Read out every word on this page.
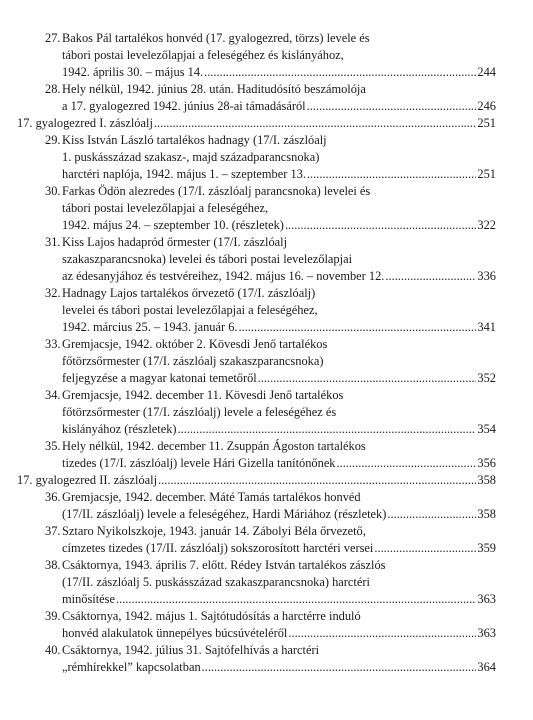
27. Bakos Pál tartalékos honvéd (17. gyalogezred, törzs) levele és
tábori postai levelezőlapjai a feleségéhez és kislányához,
1942. április 30. – május 14. .....	244
28. Hely nélkül, 1942. június 28. után. Haditudósító beszámolója
a 17. gyalogezred 1942. június 28-ai támadásáról .....	246
17. gyalogezred I. zászlóalj .....	251
29. Kiss István László tartalékos hadnagy (17/I. zászlóalj
1. puskásszázad szakasz-, majd századparancsnoka)
harctéri naplója, 1942. május 1. – szeptember 13. .....	251
30. Farkas Ödön alezredes (17/I. zászlóalj parancsnoka) levelei és
tábori postai levelezőlapjai a feleségéhez,
1942. május 24. – szeptember 10. (részletek) .....	322
31. Kiss Lajos hadapród őrmester (17/I. zászlóalj
szakaszparancsnoka) levelei és tábori postai levelezőlapjai
az édesanyjához és testvéreihez, 1942. május 16. – november 12. .....	336
32. Hadnagy Lajos tartalékos őrvezető (17/I. zászlóalj)
levelei és tábori postai levelezőlapjai a feleségéhez,
1942. március 25. – 1943. január 6. .....	341
33. Gremjacsje, 1942. október 2. Kövesdi Jenő tartalékos
főtörzsőrmester (17/I. zászlóalj szakaszparancsnoka)
feljegyzése a magyar katonai temetőről .....	352
34. Gremjacsje, 1942. december 11. Kövesdi Jenő tartalékos
főtörzsőrmester (17/I. zászlóalj) levele a feleségéhez és
kislányához (részletek) .....	354
35. Hely nélkül, 1942. december 11. Zsuppán Ágoston tartalékos
tizedes (17/I. zászlóalj) levele Hári Gizella tanítónőnek .....	356
17. gyalogezred II. zászlóalj .....	358
36. Gremjacsje, 1942. december. Máté Tamás tartalékos honvéd
(17/II. zászlóalj) levele a feleségéhez, Hardi Máriához (részletek) .....	358
37. Sztaro Nyikolszkoje, 1943. január 14. Zábolyi Béla őrvezető,
címzetes tizedes (17/II. zászlóalj) sokszorosított harctéri versei .....	359
38. Csáktornya, 1943. április 7. előtt. Rédey István tartalékos zászlós
(17/II. zászlóalj 5. puskásszázad szakaszparancsnoka) harctéri
minősítése .....	363
39. Csáktornya, 1942. május 1. Sajtótudósítás a harctérre induló
honvéd alakulatok ünnepélyes búcsúvételéről .....	363
40. Csáktornya, 1942. július 31. Sajtófelhívás a harctéri
„rémhírekkel” kapcsolatban .....	364
